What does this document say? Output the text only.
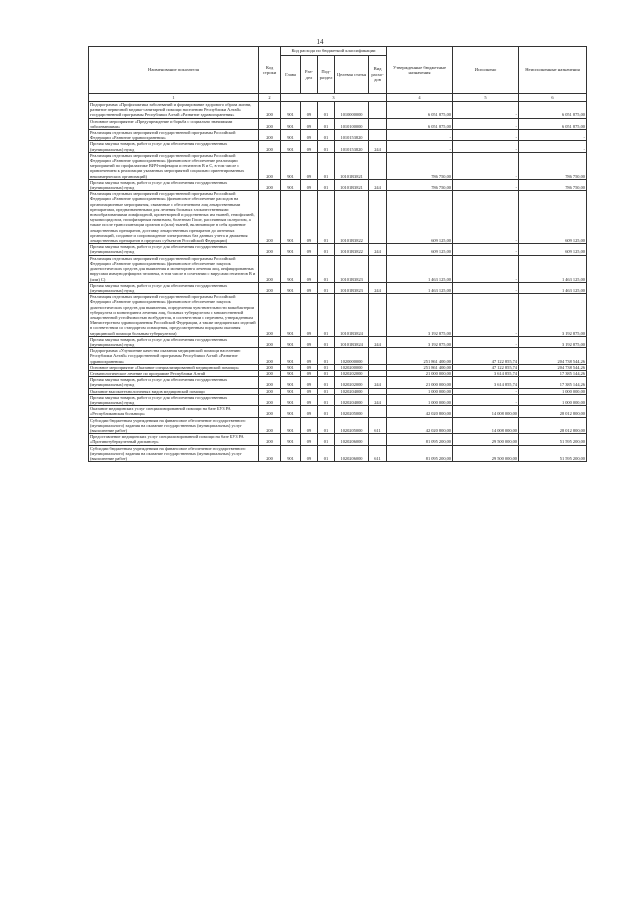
14
Наименование показателя	Код строки	Код расхода по бюджетной классификации					Утвержденные бюджетные назначения	Исполнено	Неисполненные назначения
		Глава	Раз-дел	Под-раздел	Целевая статья	Вид расхо-дов			
1	2	3					4	5	6
Подпрограмма «Профилактика заболеваний и формирование здорового образа жизни, развитие первичной медико-санитарной помощи населению Республики Алтай» государственной программы Республики Алтай «Развитие здравоохранения»	200	901	09	01	1010000000		6 051 875,00	-	6 051 875,00
Основное мероприятие «Предупреждение и борьба с социально значимыми заболеваниями»	200	901	09	01	1010100000		6 051 875,00	-	6 051 875,00
Реализация отдельных мероприятий государственной программы Российской Федерации «Развитие здравоохранения»	200	901	09	01	1010153820		-	-	-
Прочая закупка товаров, работ и услуг для обеспечения государственных (муниципальных) нужд	200	901	09	01	1010153820	244	-	-	-
Реализация отдельных мероприятий государственной программы Российской Федерации «Развитие здравоохранения» (финансовое обеспечение реализации мероприятий по профилактике ВИЧ-инфекции и гепатитов В и С, в том числе с привлечением к реализации указанных мероприятий социально ориентированных некоммерческих организаций)	200	901	09	01	10101R3821		786 750,00	-	786 750,00
Прочая закупка товаров, работ и услуг для обеспечения государственных (муниципальных) нужд	200	901	09	01	10101R3821	244	786 750,00	-	786 750,00
Реализация отдельных мероприятий государственной программы Российской Федерации «Развитие здравоохранения» (финансовое обеспечение расходов на организационные мероприятия, связанные с обеспечением лиц лекарственными препаратами, предназначенными для лечения больных злокачественными новообразованиями лимфоидной, кроветворной и родственных им тканей, гемофилией, муковисцидозом, гипофизарным нанизмом, болезнью Гоше, рассеянным склерозом, а также после трансплантации органов и (или) тканей, включающие в себя хранение лекарственных препаратов, доставку лекарственных препаратов до аптечных организаций, создание и сопровождение электронных баз данных учета и движения лекарственных препаратов в пределах субъектов Российской Федерации)	200	901	09	01	10101R3822		609 125,00	-	609 125,00
Прочая закупка товаров, работ и услуг для обеспечения государственных (муниципальных) нужд	200	901	09	01	10101R3822	244	609 125,00	-	609 125,00
Реализация отдельных мероприятий государственной программы Российской Федерации «Развитие здравоохранения» (финансовое обеспечение закупок диагностических средств для выявления и мониторинга лечения лиц, инфицированных вирусами иммунодефицита человека, в том числе в сочетании с вирусами гепатитов В и (или) С)	200	901	09	01	10101R3823		1 463 125,00	-	1 463 125,00
Прочая закупка товаров, работ и услуг для обеспечения государственных (муниципальных) нужд	200	901	09	01	10101R3823	244	1 463 125,00	-	1 463 125,00
Реализация отдельных мероприятий государственной программы Российской Федерации «Развитие здравоохранения» (финансовое обеспечение закупок диагностических средств для выявления, определения чувствительности микобактерии туберкулеза и мониторинга лечения лиц, больных туберкулезом с множественной лекарственной устойчивостью возбудителя, в соответствии с перечнем, утвержденным Министерством здравоохранения Российской Федерации, а также медицинских изделий в соответствии со стандартом оснащения, предусмотренным порядком оказания медицинской помощи больным туберкулезом)	200	901	09	01	10101R3824		3 192 875,00	-	3 192 875,00
Прочая закупка товаров, работ и услуг для обеспечения государственных (муниципальных) нужд	200	901	09	01	10101R3824	244	3 192 875,00	-	3 192 875,00
Подпрограмма «Улучшение качества оказания медицинской помощи населению Республики Алтай» государственной программы Республики Алтай «Развитие здравоохранения»	200	901	09	01	1020000000		251 861 400,00	47 122 855,74	204 738 544,26
Основное мероприятие «Оказание специализированной медицинской помощи»	200	901	09	01	1020200000		251 861 400,00	47 122 855,74	204 738 544,26
Стоматологическое лечение по программе Республики Алтай	200	901	09	01	1020202000		21 000 000,00	3 614 855,74	17 385 144,26
Прочая закупка товаров, работ и услуг для обеспечения государственных (муниципальных) нужд	200	901	09	01	1020202000	244	21 000 000,00	3 614 855,74	17 385 144,26
Оказание высокотехнологичных видов медицинской помощи	200	901	09	01	1020204000		1 000 000,00	-	1 000 000,00
Прочая закупка товаров, работ и услуг для обеспечения государственных (муниципальных) нужд	200	901	09	01	1020204000	244	1 000 000,00	-	1 000 000,00
Оказание медицинских услуг специализированной помощи на базе БУЗ РА «Республиканская больница»	200	901	09	01	1020205000		42 020 800,00	14 008 000,00	28 012 800,00
Субсидии бюджетным учреждениям на финансовое обеспечение государственного (муниципального) задания на оказание государственных (муниципальных) услуг (выполнение работ)	200	901	09	01	1020205000	611	42 020 800,00	14 008 000,00	28 012 800,00
Предоставление медицинских услуг специализированной помощи на базе БУЗ РА «Противотуберкулезный диспансер»	200	901	09	01	1020206000		81 095 200,00	29 500 000,00	51 595 200,00
Субсидии бюджетным учреждениям на финансовое обеспечение государственного (муниципального) задания на оказание государственных (муниципальных) услуг (выполнение работ)	200	901	09	01	1020206000	611	81 095 200,00	29 500 000,00	51 595 200,00
